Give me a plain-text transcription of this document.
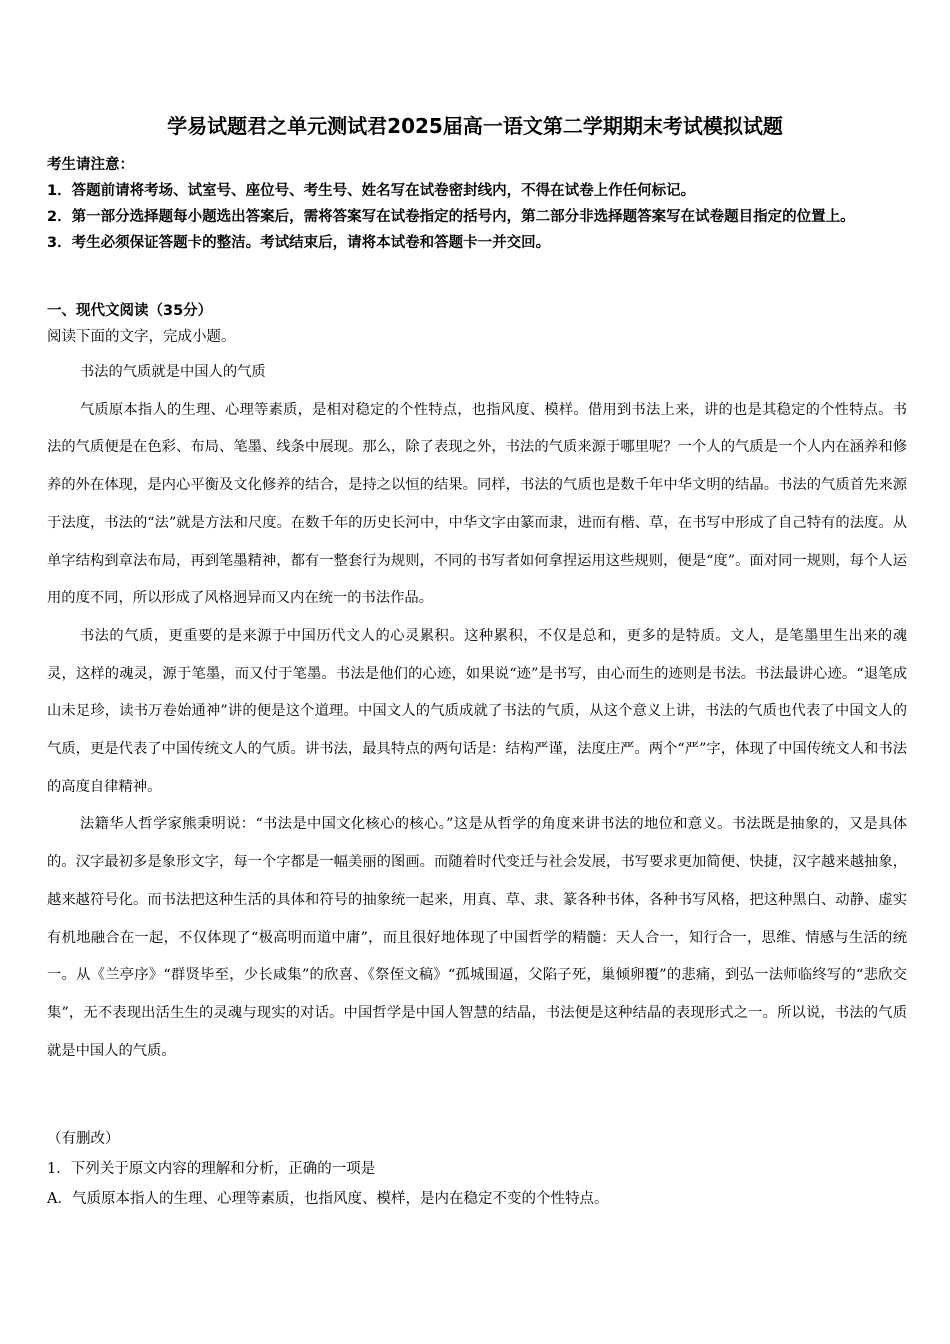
学易试题君之单元测试君2025届高一语文第二学期期末考试模拟试题
考生请注意：
1．答题前请将考场、试室号、座位号、考生号、姓名写在试卷密封线内，不得在试卷上作任何标记。
2．第一部分选择题每小题选出答案后，需将答案写在试卷指定的括号内，第二部分非选择题答案写在试卷题目指定的位置上。
3．考生必须保证答题卡的整洁。考试结束后，请将本试卷和答题卡一并交回。
一、现代文阅读（35分）
阅读下面的文字，完成小题。

书法的气质就是中国人的气质

气质原本指人的生理、心理等素质，是相对稳定的个性特点，也指风度、模样。借用到书法上来，讲的也是其稳定的个性特点。书法的气质便是在色彩、布局、笔墨、线条中展现。那么，除了表现之外，书法的气质来源于哪里呢？一个人的气质是一个人内在涵养和修养的外在体现，是内心平衡及文化修养的结合，是持之以恒的结果。同样，书法的气质也是数千年中华文明的结晶。书法的气质首先来源于法度，书法的“法”就是方法和尺度。在数千年的历史长河中，中华文字由篆而隶，进而有楷、草，在书写中形成了自己特有的法度。从单字结构到章法布局，再到笔墨精神，都有一整套行为规则，不同的书写者如何拿捏运用这些规则，便是“度”。面对同一规则，每个人运用的度不同，所以形成了风格迥异而又内在统一的书法作品。

书法的气质，更重要的是来源于中国历代文人的心灵累积。这种累积，不仅是总和，更多的是特质。文人，是笔墨里生出来的魂灵，这样的魂灵，源于笔墨，而又付于笔墨。书法是他们的心迹，如果说“迹”是书写，由心而生的迹则是书法。书法最讲心迹。“退笔成山未足珍，读书万卷始通神”讲的便是这个道理。中国文人的气质成就了书法的气质，从这个意义上讲，书法的气质也代表了中国文人的气质，更是代表了中国传统文人的气质。讲书法，最具特点的两句话是：结构严谨，法度庄严。两个“严”字，体现了中国传统文人和书法的高度自律精神。

法籍华人哲学家熊秉明说：“书法是中国文化核心的核心。”这是从哲学的角度来讲书法的地位和意义。书法既是抽象的，又是具体的。汉字最初多是象形文字，每一个字都是一幅美丽的图画。而随着时代变迁与社会发展，书写要求更加简便、快捷，汉字越来越抽象，越来越符号化。而书法把这种生活的具体和符号的抽象统一起来，用真、草、隶、篆各种书体，各种书写风格，把这种黑白、动静、虚实有机地融合在一起，不仅体现了“极高明而道中庸”，而且很好地体现了中国哲学的精髓：天人合一，知行合一，思维、情感与生活的统一。从《兰亭序》“群贤毕至，少长咸集”的欣喜、《祭侄文稿》“孤城围逼，父陷子死，巢倾卵覆”的悲痛，到弘一法师临终写的“悲欣交集”，无不表现出活生生的灵魂与现实的对话。中国哲学是中国人智慧的结晶，书法便是这种结晶的表现形式之一。所以说，书法的气质就是中国人的气质。

（有删改）
1．下列关于原文内容的理解和分析，正确的一项是
A．气质原本指人的生理、心理等素质，也指风度、模样，是内在稳定不变的个性特点。
